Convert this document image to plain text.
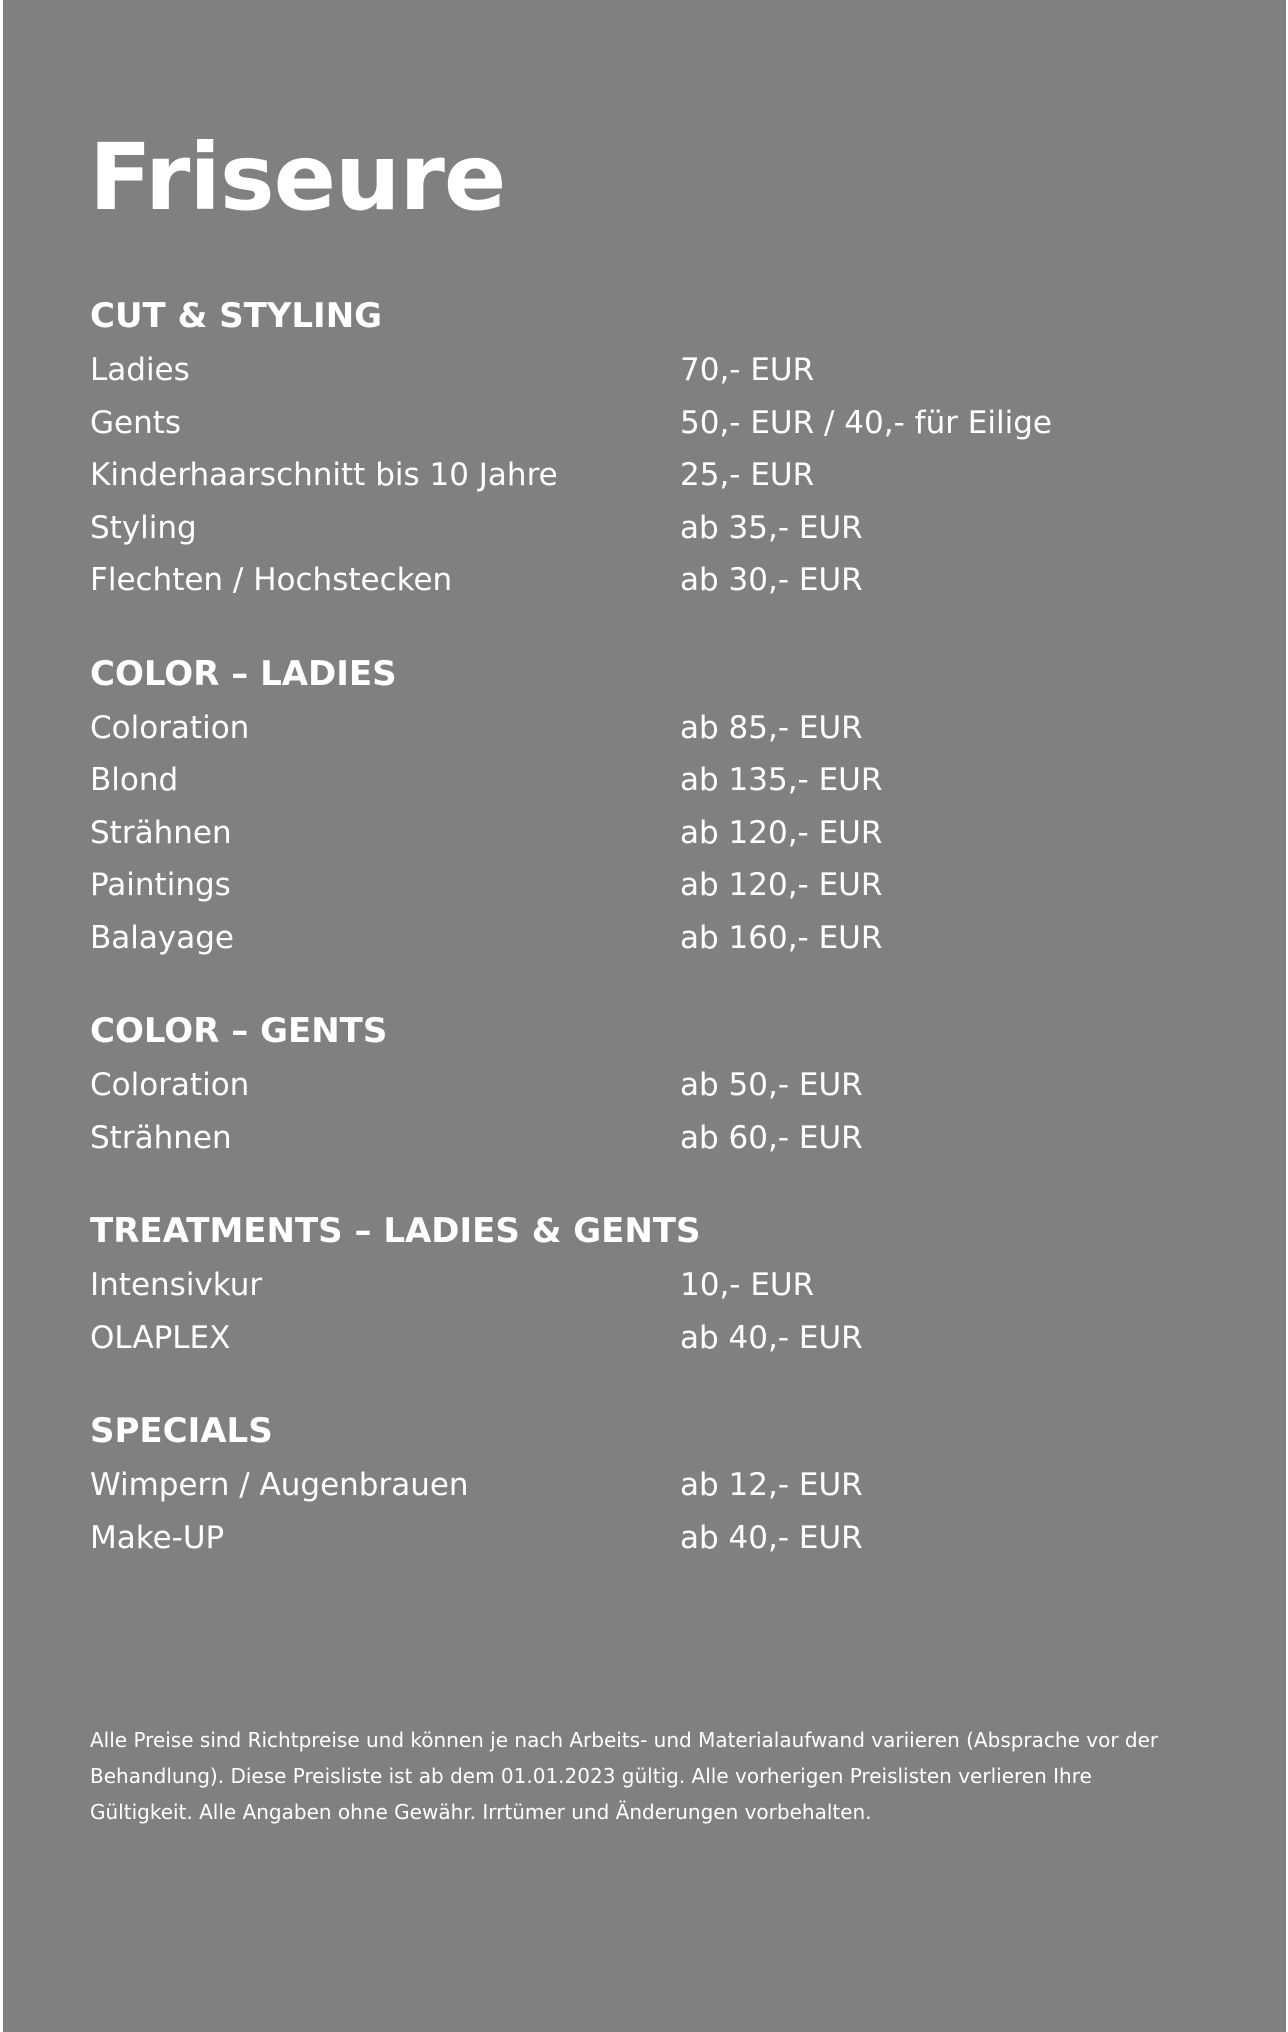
Friseure
CUT & STYLING
Ladies	70,- EUR
Gents	50,- EUR / 40,- für Eilige
Kinderhaarschnitt bis 10 Jahre	25,- EUR
Styling	ab 35,- EUR
Flechten / Hochstecken	ab 30,- EUR
COLOR – LADIES
Coloration	ab 85,- EUR
Blond	ab 135,- EUR
Strähnen	ab 120,- EUR
Paintings	ab 120,- EUR
Balayage	ab 160,- EUR
COLOR – GENTS
Coloration	ab 50,- EUR
Strähnen	ab 60,- EUR
TREATMENTS – LADIES & GENTS
Intensivkur	10,- EUR
OLAPLEX	ab 40,- EUR
SPECIALS
Wimpern / Augenbrauen	ab 12,- EUR
Make-UP	ab 40,- EUR

Alle Preise sind Richtpreise und können je nach Arbeits- und Materialaufwand variieren (Absprache vor der Behandlung). Diese Preisliste ist ab dem 01.01.2023 gültig. Alle vorherigen Preislisten verlieren Ihre Gültigkeit. Alle Angaben ohne Gewähr. Irrtümer und Änderungen vorbehalten.
